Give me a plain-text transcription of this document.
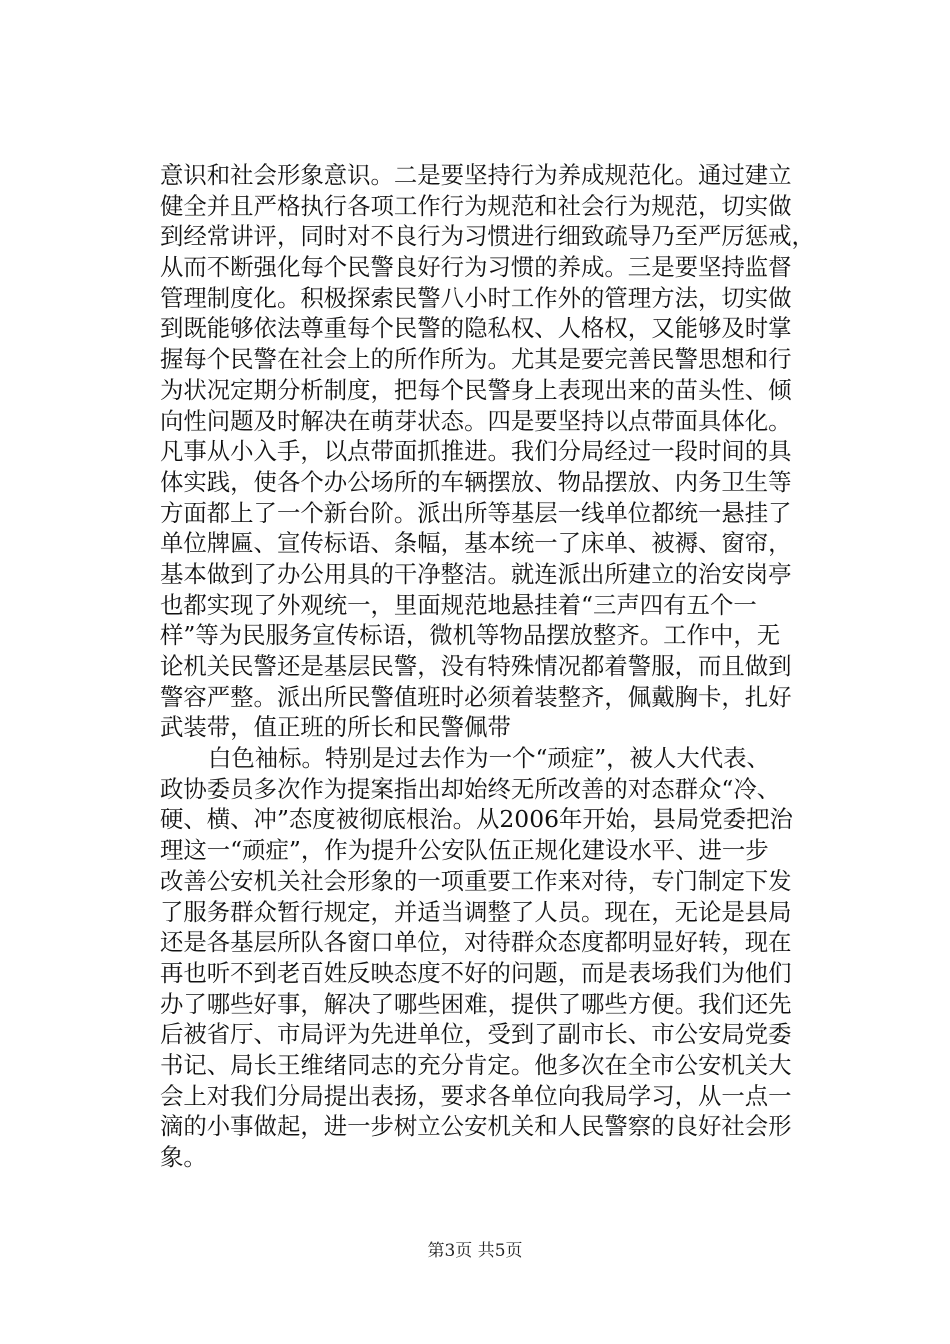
意识和社会形象意识。二是要坚持行为养成规范化。通过建立
健全并且严格执行各项工作行为规范和社会行为规范，切实做
到经常讲评，同时对不良行为习惯进行细致疏导乃至严厉惩戒，
从而不断强化每个民警良好行为习惯的养成。三是要坚持监督
管理制度化。积极探索民警八小时工作外的管理方法，切实做
到既能够依法尊重每个民警的隐私权、人格权，又能够及时掌
握每个民警在社会上的所作所为。尤其是要完善民警思想和行
为状况定期分析制度，把每个民警身上表现出来的苗头性、倾
向性问题及时解决在萌芽状态。四是要坚持以点带面具体化。
凡事从小入手，以点带面抓推进。我们分局经过一段时间的具
体实践，使各个办公场所的车辆摆放、物品摆放、内务卫生等
方面都上了一个新台阶。派出所等基层一线单位都统一悬挂了
单位牌匾、宣传标语、条幅，基本统一了床单、被褥、窗帘，
基本做到了办公用具的干净整洁。就连派出所建立的治安岗亭
也都实现了外观统一，里面规范地悬挂着“三声四有五个一
样”等为民服务宣传标语，微机等物品摆放整齐。工作中，无
论机关民警还是基层民警，没有特殊情况都着警服，而且做到
警容严整。派出所民警值班时必须着装整齐，佩戴胸卡，扎好
武装带，值正班的所长和民警佩带
白色袖标。特别是过去作为一个“顽症”，被人大代表、
政协委员多次作为提案指出却始终无所改善的对态群众“冷、
硬、横、冲”态度被彻底根治。从2006年开始，县局党委把治
理这一“顽症”，作为提升公安队伍正规化建设水平、进一步
改善公安机关社会形象的一项重要工作来对待，专门制定下发
了服务群众暂行规定，并适当调整了人员。现在，无论是县局
还是各基层所队各窗口单位，对待群众态度都明显好转，现在
再也听不到老百姓反映态度不好的问题，而是表场我们为他们
办了哪些好事，解决了哪些困难，提供了哪些方便。我们还先
后被省厅、市局评为先进单位，受到了副市长、市公安局党委
书记、局长王维绪同志的充分肯定。他多次在全市公安机关大
会上对我们分局提出表扬，要求各单位向我局学习，从一点一
滴的小事做起，进一步树立公安机关和人民警察的良好社会形
象。
第3页 共5页
